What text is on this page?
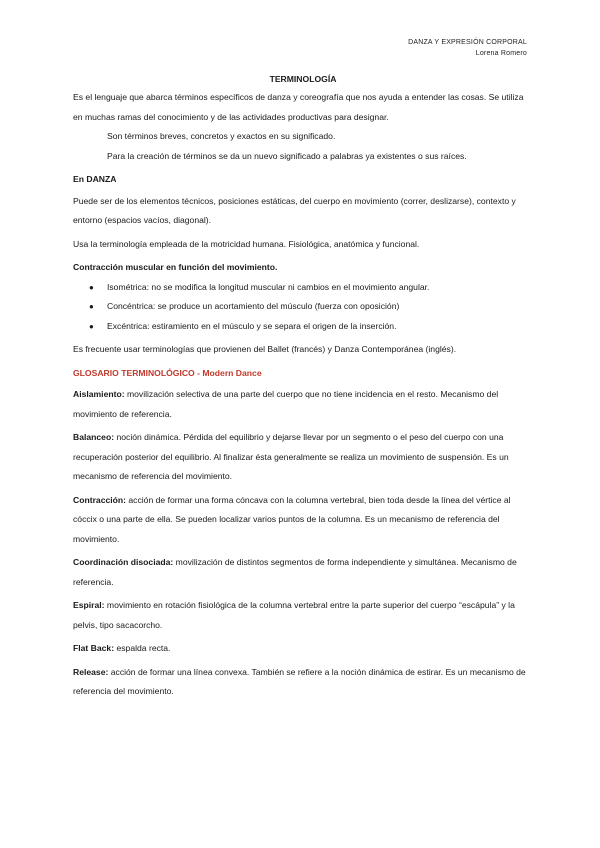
DANZA Y EXPRESIÓN CORPORAL
Lorena Romero

TERMINOLOGÍA

Es el lenguaje que abarca términos específicos de danza y coreografía que nos ayuda a entender las cosas. Se utiliza en muchas ramas del conocimiento y de las actividades productivas para designar.

Son términos breves, concretos y exactos en su significado.

Para la creación de términos se da un nuevo significado a palabras ya existentes o sus raíces.

En DANZA

Puede ser de los elementos técnicos, posiciones estáticas, del cuerpo en movimiento (correr, deslizarse), contexto y entorno (espacios vacíos, diagonal).

Usa la terminología empleada de la motricidad humana. Fisiológica, anatómica y funcional.

Contracción muscular en función del movimiento.

● Isométrica: no se modifica la longitud muscular ni cambios en el movimiento angular.
● Concéntrica: se produce un acortamiento del músculo (fuerza con oposición)
● Excéntrica: estiramiento en el músculo y se separa el origen de la inserción.

Es frecuente usar terminologías que provienen del Ballet (francés) y Danza Contemporánea (inglés).

GLOSARIO TERMINOLÓGICO - Modern Dance

Aislamiento: movilización selectiva de una parte del cuerpo que no tiene incidencia en el resto. Mecanismo del movimiento de referencia.

Balanceo: noción dinámica. Pérdida del equilibrio y dejarse llevar por un segmento o el peso del cuerpo con una recuperación posterior del equilibrio. Al finalizar ésta generalmente se realiza un movimiento de suspensión. Es un mecanismo de referencia del movimiento.

Contracción: acción de formar una forma cóncava con la columna vertebral, bien toda desde la línea del vértice al cóccix o una parte de ella. Se pueden localizar varios puntos de la columna. Es un mecanismo de referencia del movimiento.

Coordinación disociada: movilización de distintos segmentos de forma independiente y simultánea. Mecanismo de referencia.

Espiral: movimiento en rotación fisiológica de la columna vertebral entre la parte superior del cuerpo “escápula” y la pelvis, tipo sacacorcho.

Flat Back: espalda recta.

Release: acción de formar una línea convexa. También se refiere a la noción dinámica de estirar. Es un mecanismo de referencia del movimiento.
